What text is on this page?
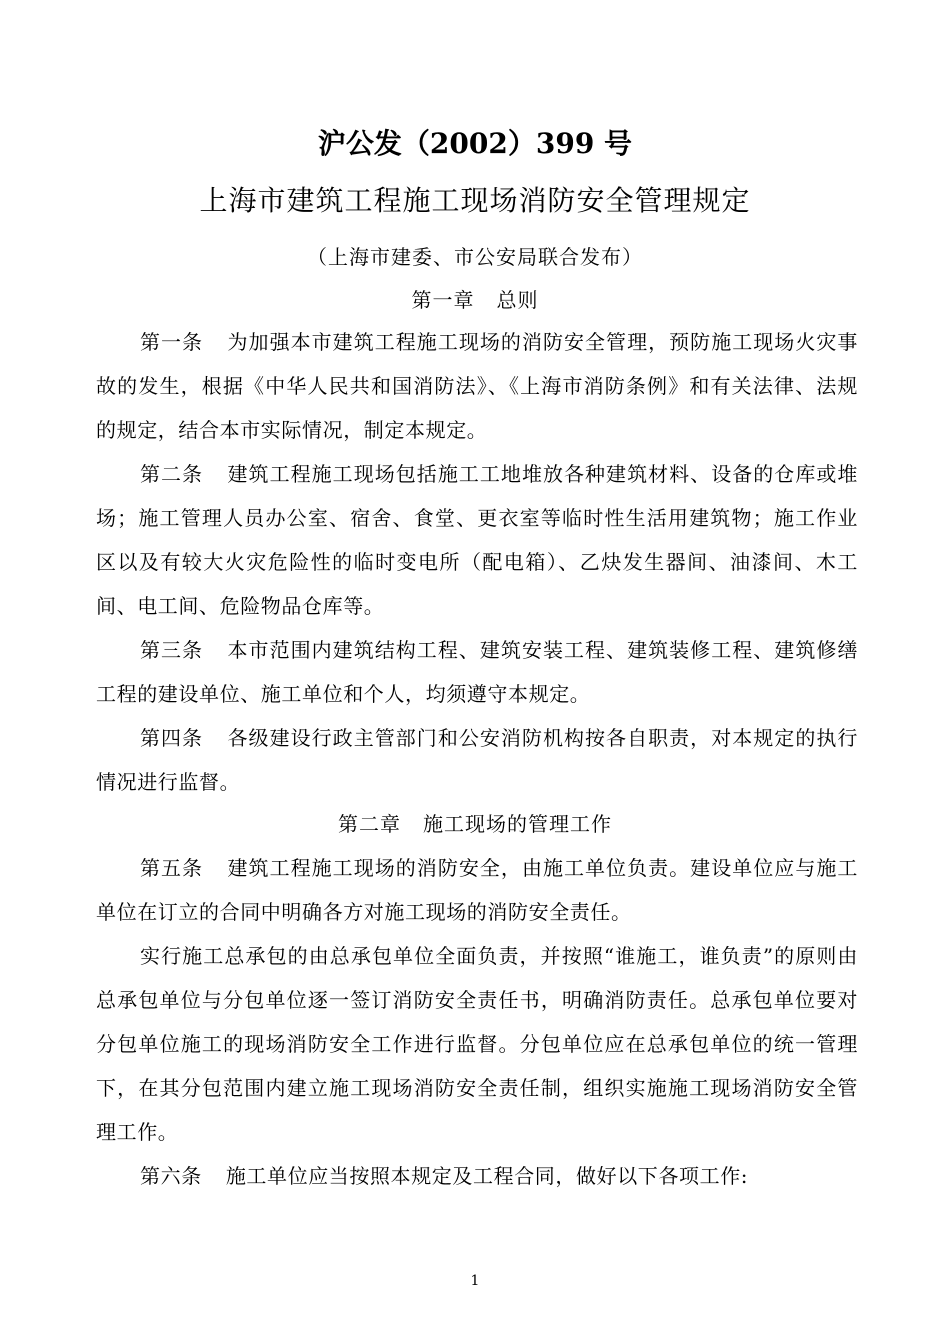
沪公发（2002）399 号
上海市建筑工程施工现场消防安全管理规定
（上海市建委、市公安局联合发布）
第一章 总则

第一条 为加强本市建筑工程施工现场的消防安全管理，预防施工现场火灾事故的发生，根据《中华人民共和国消防法》、《上海市消防条例》和有关法律、法规的规定，结合本市实际情况，制定本规定。

第二条 建筑工程施工现场包括施工工地堆放各种建筑材料、设备的仓库或堆场；施工管理人员办公室、宿舍、食堂、更衣室等临时性生活用建筑物；施工作业区以及有较大火灾危险性的临时变电所（配电箱）、乙炔发生器间、油漆间、木工间、电工间、危险物品仓库等。

第三条 本市范围内建筑结构工程、建筑安装工程、建筑装修工程、建筑修缮工程的建设单位、施工单位和个人，均须遵守本规定。

第四条 各级建设行政主管部门和公安消防机构按各自职责，对本规定的执行情况进行监督。

第二章 施工现场的管理工作

第五条 建筑工程施工现场的消防安全，由施工单位负责。建设单位应与施工单位在订立的合同中明确各方对施工现场的消防安全责任。

实行施工总承包的由总承包单位全面负责，并按照“谁施工，谁负责”的原则由总承包单位与分包单位逐一签订消防安全责任书，明确消防责任。总承包单位要对分包单位施工的现场消防安全工作进行监督。分包单位应在总承包单位的统一管理下，在其分包范围内建立施工现场消防安全责任制，组织实施施工现场消防安全管理工作。

第六条 施工单位应当按照本规定及工程合同，做好以下各项工作:

1
